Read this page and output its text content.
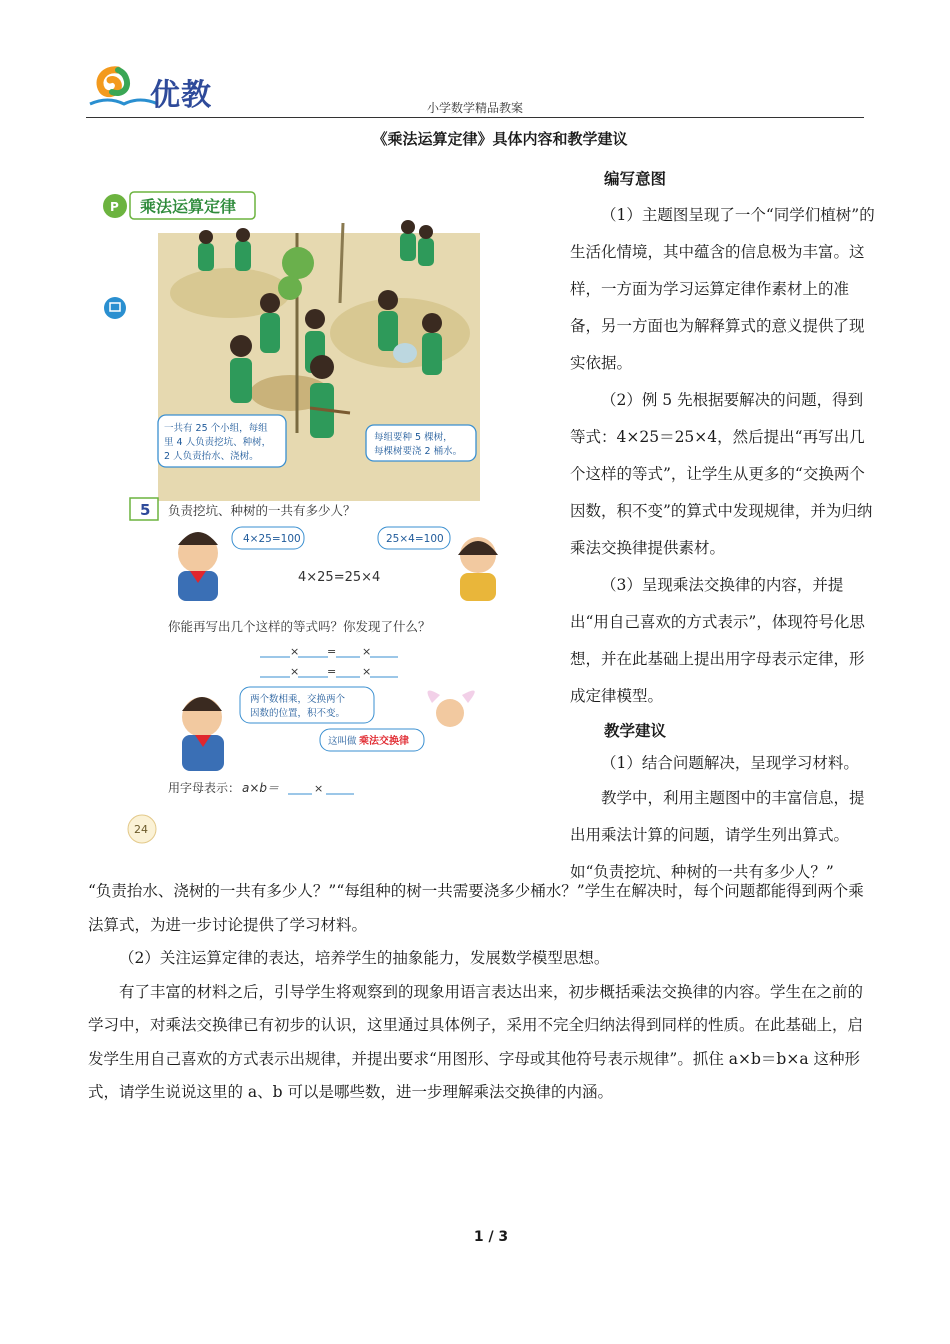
优教	小学数学精品教案
《乘法运算定律》具体内容和教学建议
P 乘法运算定律
一共有 25 个小组，每组
里 4 人负责挖坑、种树，
2 人负责抬水、浇树。
每组要种 5 棵树，
每棵树要浇 2 桶水。
5 负责挖坑、种树的一共有多少人？
4×25=100	25×4=100
4×25=25×4
你能再写出几个这样的等式吗？你发现了什么？
×	= ×
×	= ×
两个数相乘，交换两个
因数的位置，积不变。
这叫做 乘法交换律
用字母表示： a×b＝	×
24

编写意图

（1）主题图呈现了一个“同学们植树”的生活化情境，其中蕴含的信息极为丰富。这样，一方面为学习运算定律作素材上的准备，另一方面也为解释算式的意义提供了现实依据。

（2）例 5 先根据要解决的问题，得到等式：4×25＝25×4，然后提出“再写出几个这样的等式”，让学生从更多的“交换两个因数，积不变”的算式中发现规律，并为归纳乘法交换律提供素材。

（3）呈现乘法交换律的内容，并提出“用自己喜欢的方式表示”，体现符号化思想，并在此基础上提出用字母表示定律，形成定律模型。

教学建议

（1）结合问题解决，呈现学习材料。

教学中，利用主题图中的丰富信息，提出用乘法计算的问题，请学生列出算式。如“负责挖坑、种树的一共有多少人？”

“负责抬水、浇树的一共有多少人？”“每组种的树一共需要浇多少桶水？”学生在解决时，每个问题都能得到两个乘法算式，为进一步讨论提供了学习材料。

（2）关注运算定律的表达，培养学生的抽象能力，发展数学模型思想。

有了丰富的材料之后，引导学生将观察到的现象用语言表达出来，初步概括乘法交换律的内容。学生在之前的学习中，对乘法交换律已有初步的认识，这里通过具体例子，采用不完全归纳法得到同样的性质。在此基础上，启发学生用自己喜欢的方式表示出规律，并提出要求“用图形、字母或其他符号表示规律”。抓住 a×b＝b×a 这种形式，请学生说说这里的 a、b 可以是哪些数，进一步理解乘法交换律的内涵。

1 / 3
